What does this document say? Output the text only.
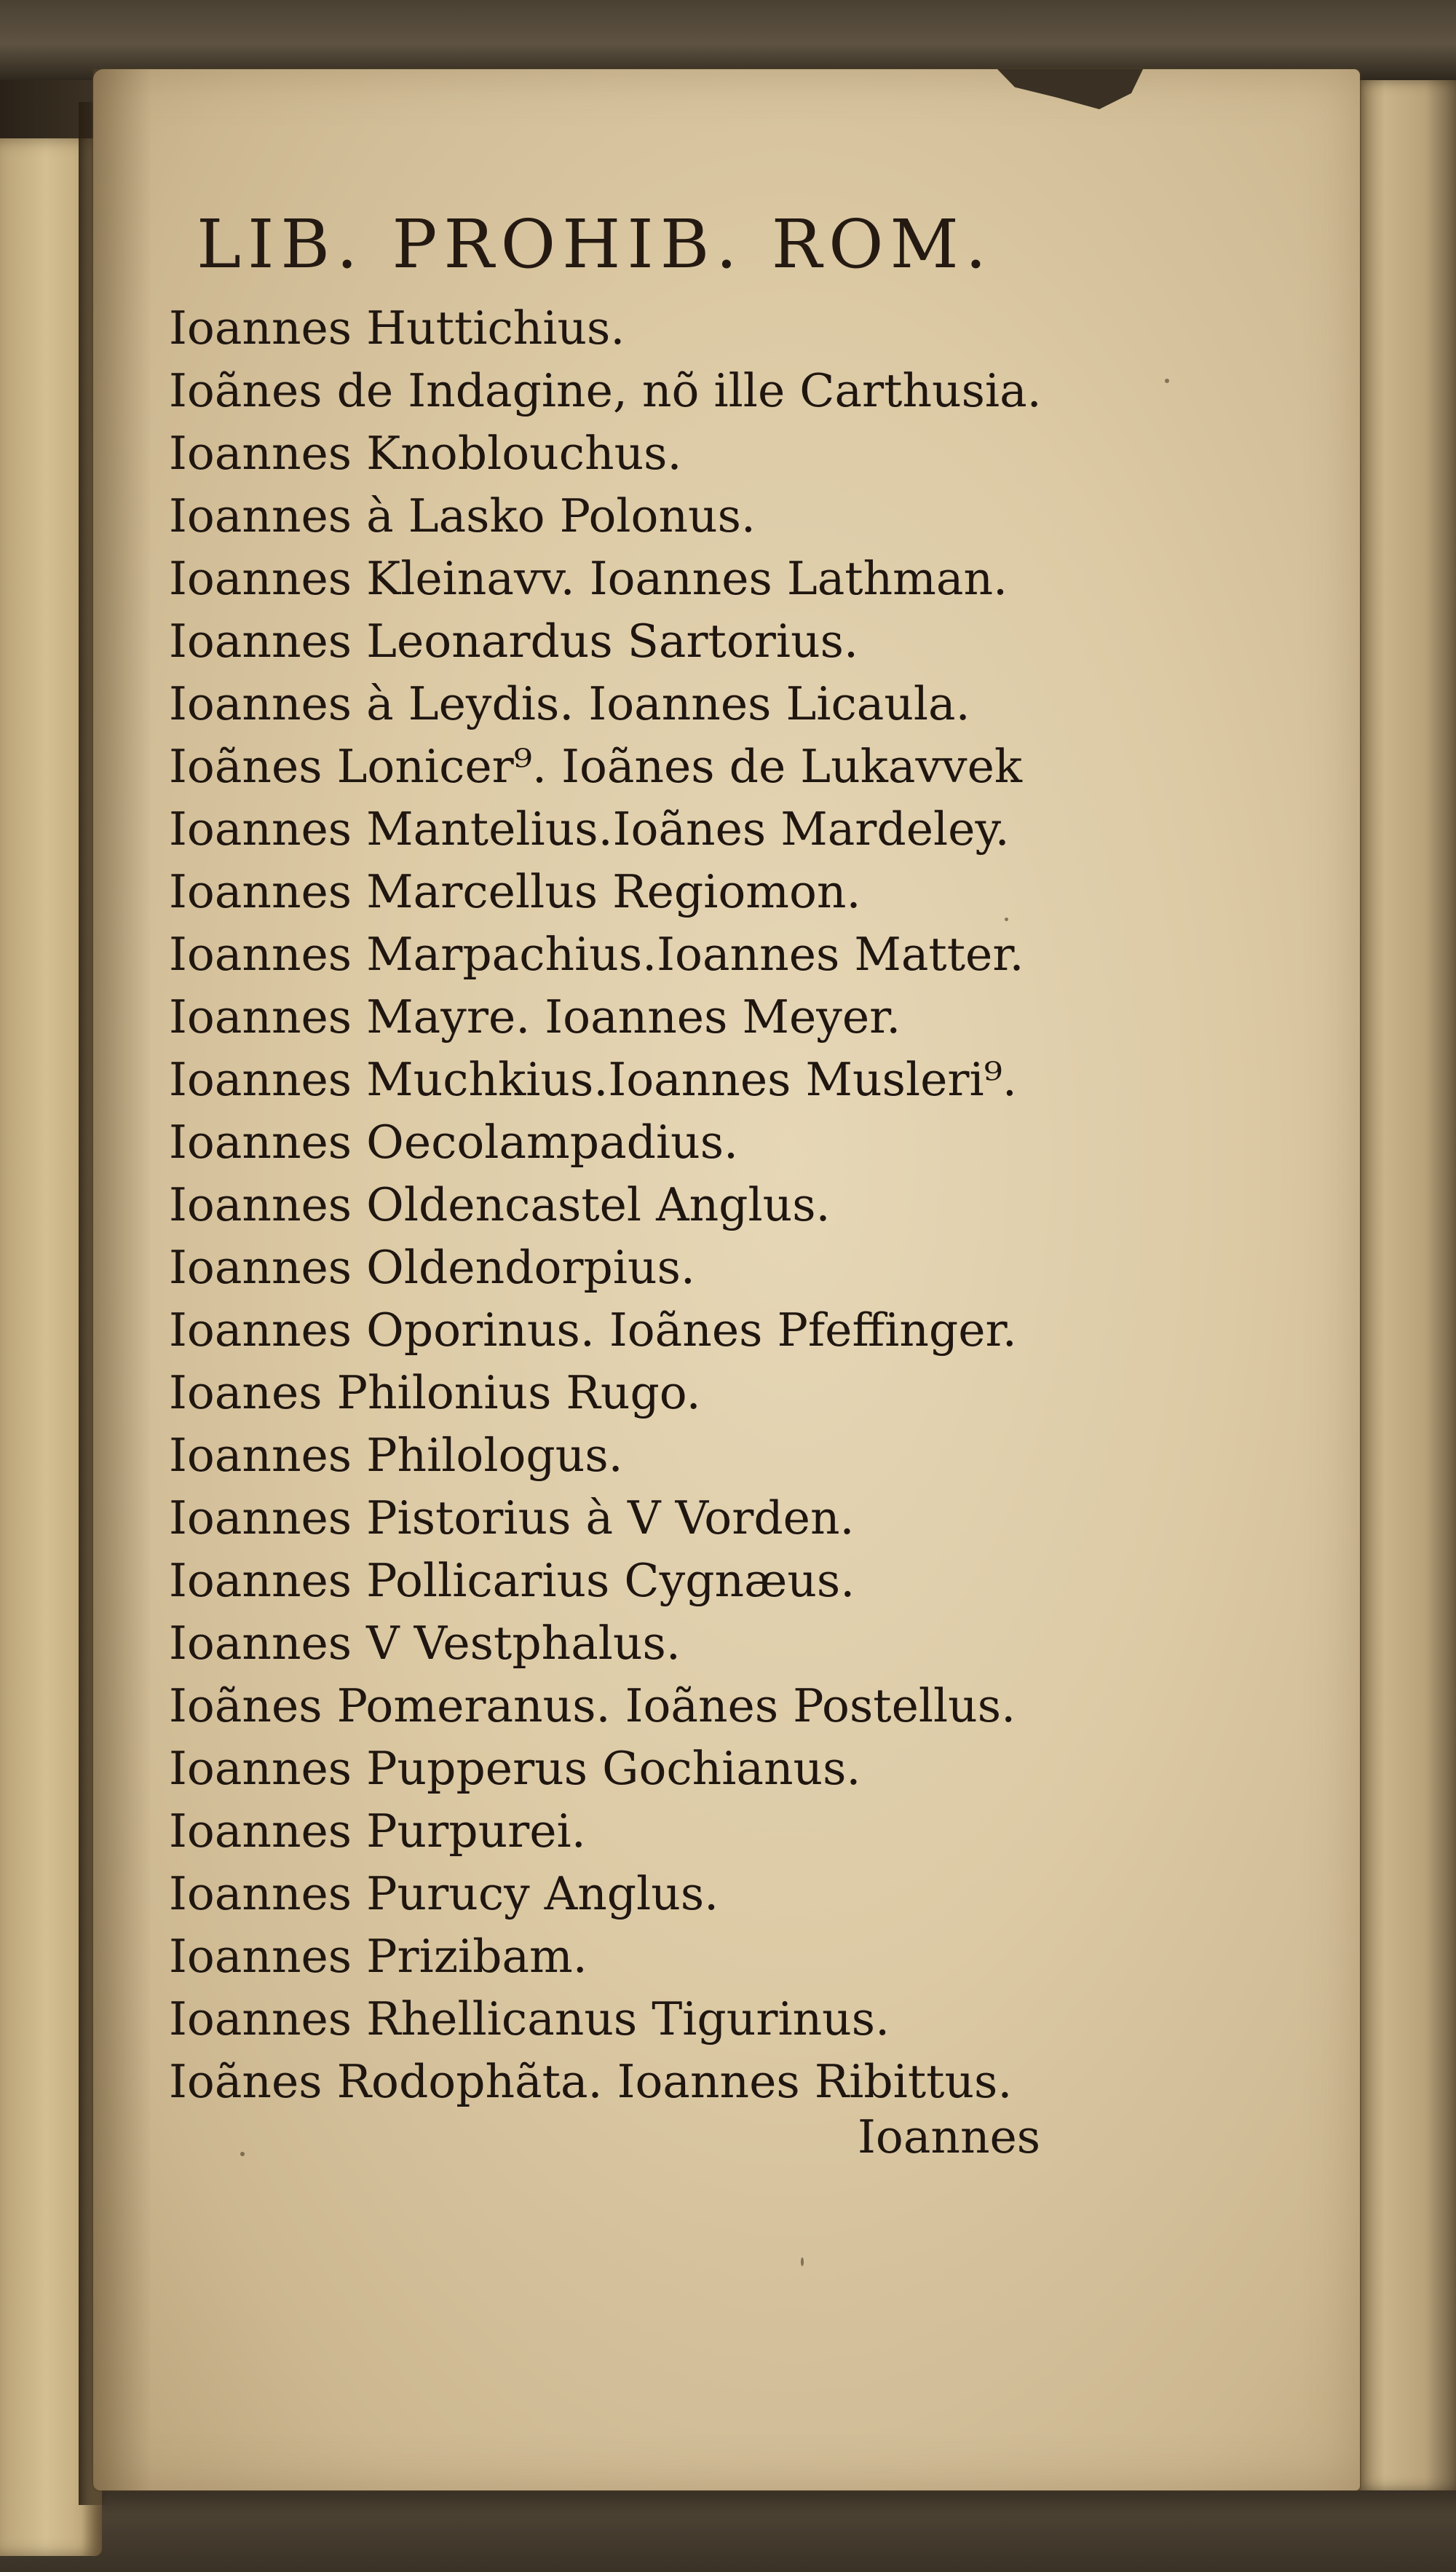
LIB. PROHIB. ROM.
Ioannes Huttichius.
Ioãnes de Indagine, nõ ille Carthusia.
Ioannes Knoblouchus.
Ioannes à Lasko Polonus.
Ioannes Kleinavv. Ioannes Lathman.
Ioannes Leonardus Sartorius.
Ioannes à Leydis. Ioannes Licaula.
Ioãnes Lonicer⁹. Ioãnes de Lukavvek
Ioannes Mantelius.Ioãnes Mardeley.
Ioannes Marcellus Regiomon.
Ioannes Marpachius.Ioannes Matter.
Ioannes Mayre. Ioannes Meyer.
Ioannes Muchkius.Ioannes Musleri⁹.
Ioannes Oecolampadius.
Ioannes Oldencastel Anglus.
Ioannes Oldendorpius.
Ioannes Oporinus. Ioãnes Pfeffinger.
Ioanes Philonius Rugo.
Ioannes Philologus.
Ioannes Pistorius à V Vorden.
Ioannes Pollicarius Cygnæus.
Ioannes V Vestphalus.
Ioãnes Pomeranus. Ioãnes Postellus.
Ioannes Pupperus Gochianus.
Ioannes Purpurei.
Ioannes Purucy Anglus.
Ioannes Prizibam.
Ioannes Rhellicanus Tigurinus.
Ioãnes Rodophãta. Ioannes Ribittus.
Ioannes
